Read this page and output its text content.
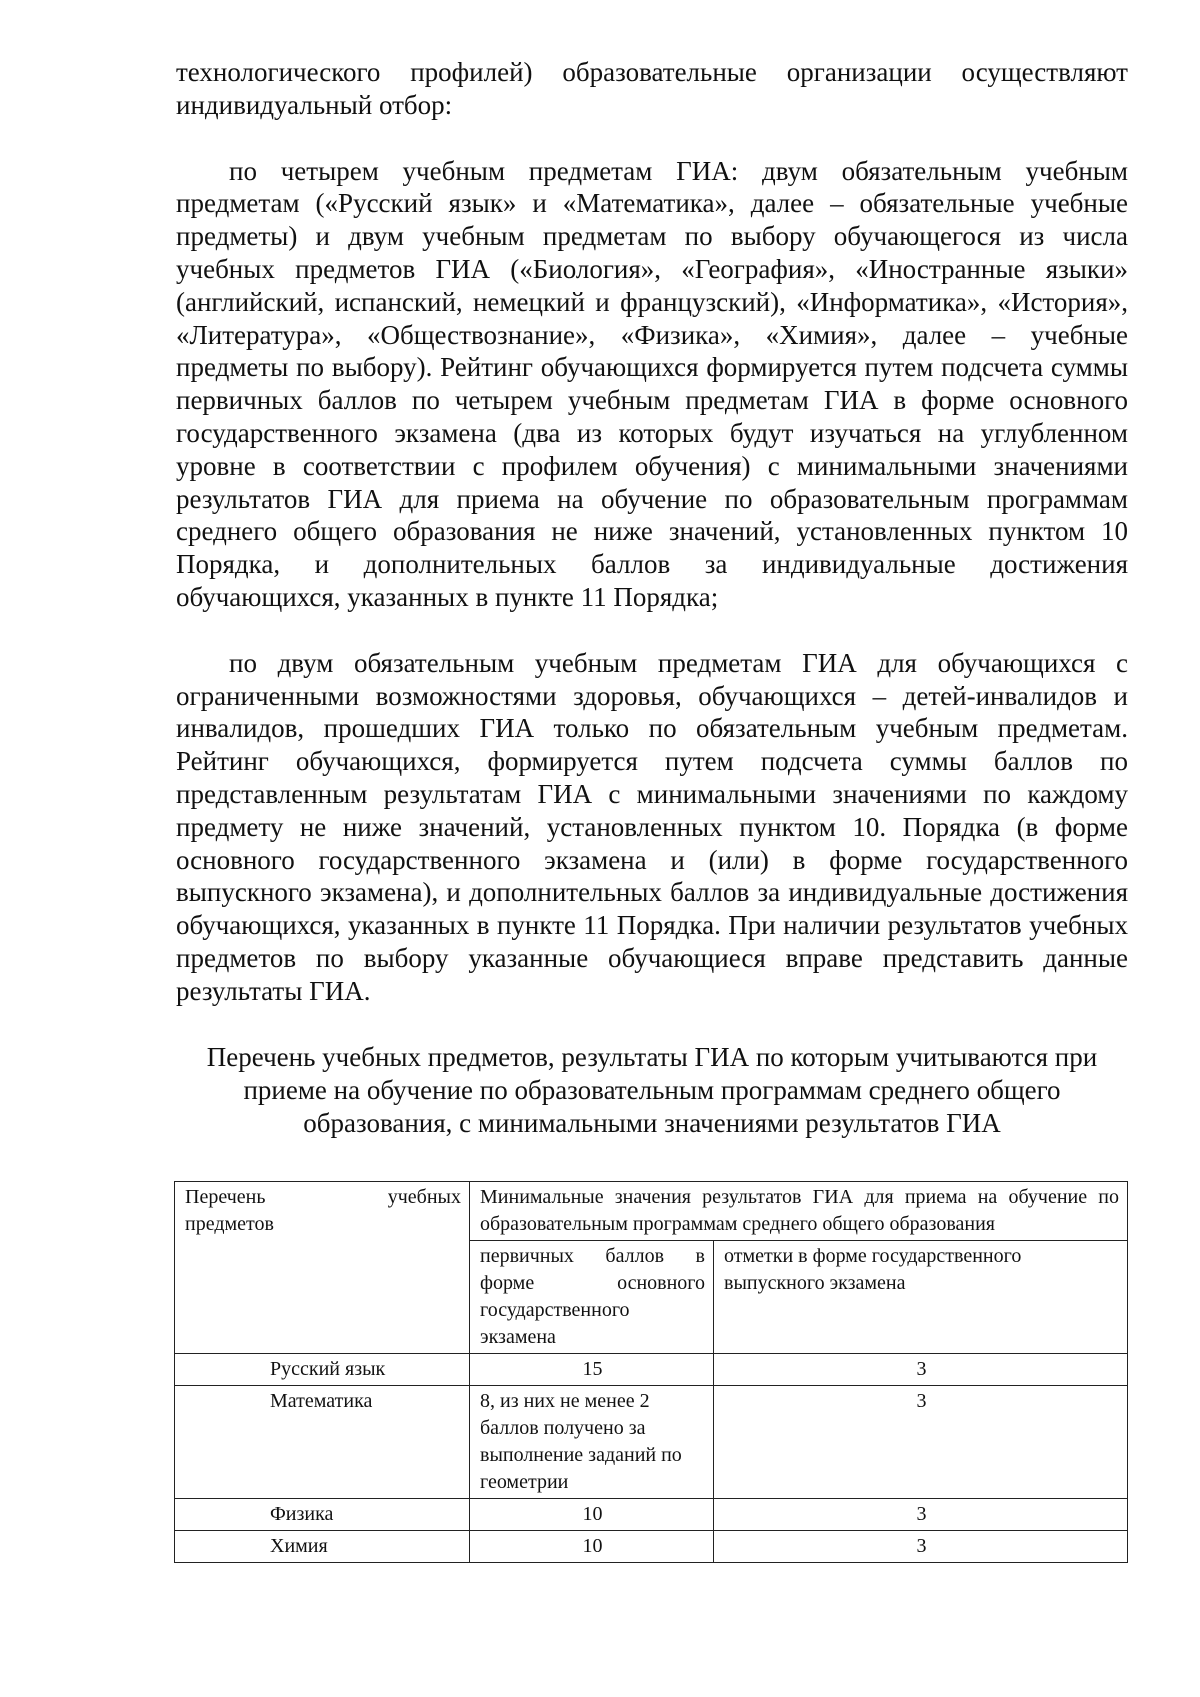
технологического профилей) образовательные организации осуществляют индивидуальный отбор:

по четырем учебным предметам ГИА: двум обязательным учебным предметам («Русский язык» и «Математика», далее – обязательные учебные предметы) и двум учебным предметам по выбору обучающегося из числа учебных предметов ГИА («Биология», «География», «Иностранные языки» (английский, испанский, немецкий и французский), «Информатика», «История», «Литература», «Обществознание», «Физика», «Химия», далее – учебные предметы по выбору). Рейтинг обучающихся формируется путем подсчета суммы первичных баллов по четырем учебным предметам ГИА в форме основного государственного экзамена (два из которых будут изучаться на углубленном уровне в соответствии с профилем обучения) с минимальными значениями результатов ГИА для приема на обучение по образовательным программам среднего общего образования не ниже значений, установленных пунктом 10 Порядка, и дополнительных баллов за индивидуальные достижения обучающихся, указанных в пункте 11 Порядка;

по двум обязательным учебным предметам ГИА для обучающихся с ограниченными возможностями здоровья, обучающихся – детей-инвалидов и инвалидов, прошедших ГИА только по обязательным учебным предметам. Рейтинг обучающихся, формируется путем подсчета суммы баллов по представленным результатам ГИА с минимальными значениями по каждому предмету не ниже значений, установленных пунктом 10. Порядка (в форме основного государственного экзамена и (или) в форме государственного выпускного экзамена), и дополнительных баллов за индивидуальные достижения обучающихся, указанных в пункте 11 Порядка. При наличии результатов учебных предметов по выбору указанные обучающиеся вправе представить данные результаты ГИА.

Перечень учебных предметов, результаты ГИА по которым учитываются при приеме на обучение по образовательным программам среднего общего образования, с минимальными значениями результатов ГИА

Перечень учебных
предметов	Минимальные значения результатов ГИА для приема на обучение по образовательным программам среднего общего образования	
	первичных баллов в форме основного государственного экзамена	отметки в форме государственного выпускного экзамена
Русский язык	15	3
Математика	8, из них не менее 2 баллов получено за выполнение заданий по геометрии	3
Физика	10	3
Химия	10	3
